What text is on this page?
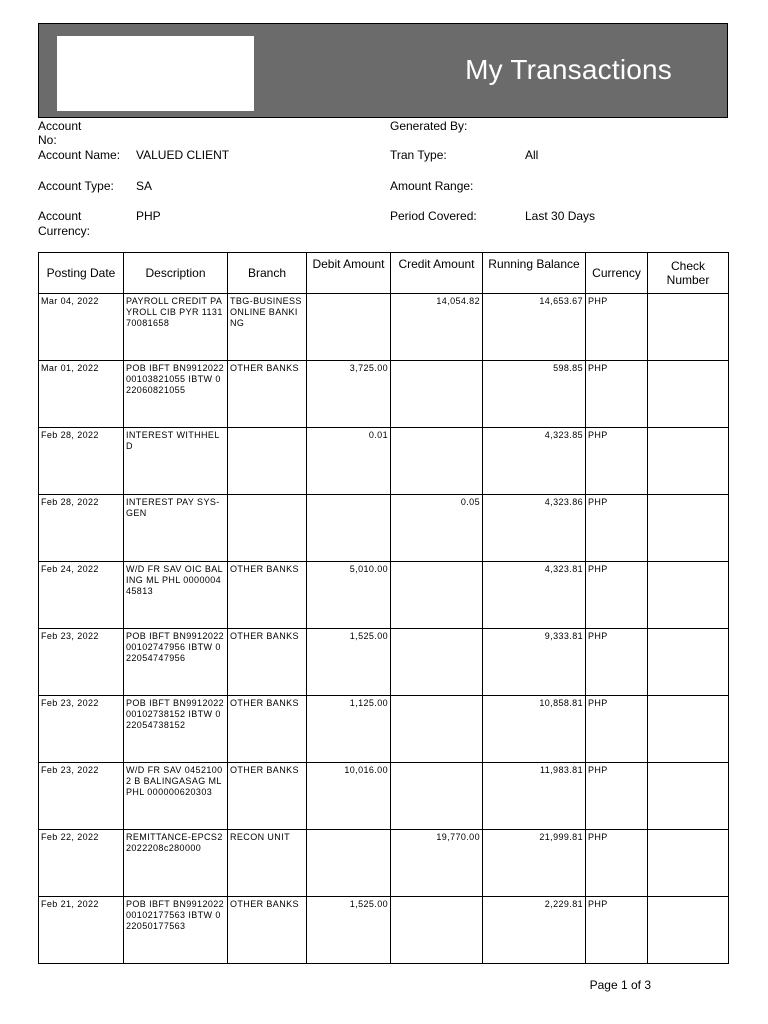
My Transactions
Account No:
Account Name: VALUED CLIENT
Account Type: SA
Account
Currency:
PHP
Generated By:
Tran Type:	All
Amount Range:
Period Covered:	Last 30 Days
Posting Date	Description	Branch	Debit Amount	Credit Amount	Running Balance	Currency	Check
Number

Mar 04, 2022	PAYROLL CREDIT PAYROLL CIB PYR 113170081658	TBG-BUSINESS ONLINE BANKING		14,054.82	14,653.67	PHP	
Mar 01, 2022	POB IBFT BN991202200103821055 IBTW 022060821055	OTHER BANKS	3,725.00		598.85	PHP	
Feb 28, 2022	INTEREST WITHHELD		0.01		4,323.85	PHP	
Feb 28, 2022	INTEREST PAY SYS-GEN			0.05	4,323.86	PHP	
Feb 24, 2022	W/D FR SAV OIC BALING ML PHL 000000445813	OTHER BANKS	5,010.00		4,323.81	PHP	
Feb 23, 2022	POB IBFT BN991202200102747956 IBTW 022054747956	OTHER BANKS	1,525.00		9,333.81	PHP	
Feb 23, 2022	POB IBFT BN991202200102738152 IBTW 022054738152	OTHER BANKS	1,125.00		10,858.81	PHP	
Feb 23, 2022	W/D FR SAV 04521002 B BALINGASAG ML PHL 000000620303	OTHER BANKS	10,016.00		11,983.81	PHP	
Feb 22, 2022	REMITTANCE-EPCS22022208c280000	RECON UNIT		19,770.00	21,999.81	PHP	
Feb 21, 2022	POB IBFT BN991202200102177563 IBTW 022050177563	OTHER BANKS	1,525.00		2,229.81	PHP	
Page 1 of 3
